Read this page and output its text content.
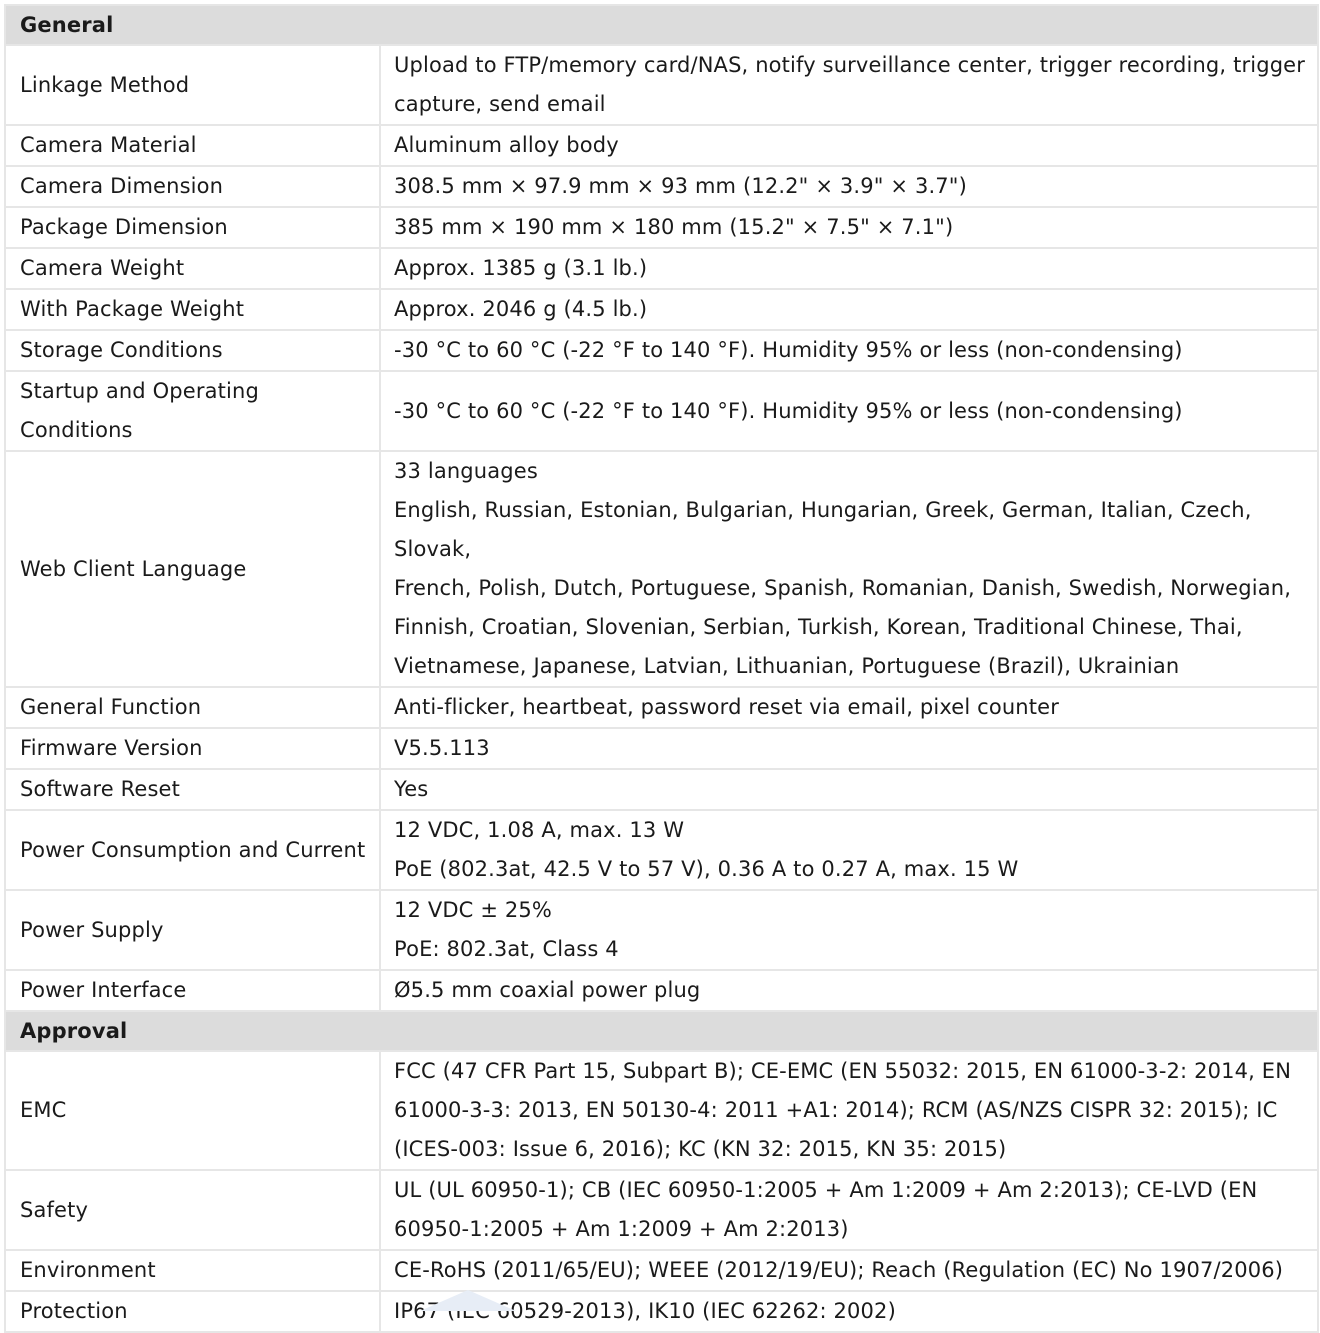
General	
Linkage Method	Upload to FTP/memory card/NAS, notify surveillance center, trigger recording, trigger
capture, send email

Camera Material	Aluminum alloy body

Camera Dimension	308.5 mm × 97.9 mm × 93 mm (12.2" × 3.9" × 3.7")

Package Dimension	385 mm × 190 mm × 180 mm (15.2" × 7.5" × 7.1")

Camera Weight	Approx. 1385 g (3.1 lb.)

With Package Weight	Approx. 2046 g (4.5 lb.)

Storage Conditions	-30 °C to 60 °C (-22 °F to 140 °F). Humidity 95% or less (non-condensing)

Startup and Operating
Conditions	-30 °C to 60 °C (-22 °F to 140 °F). Humidity 95% or less (non-condensing)

Web Client Language	33 languages
English, Russian, Estonian, Bulgarian, Hungarian, Greek, German, Italian, Czech, Slovak,
French, Polish, Dutch, Portuguese, Spanish, Romanian, Danish, Swedish, Norwegian,
Finnish, Croatian, Slovenian, Serbian, Turkish, Korean, Traditional Chinese, Thai,
Vietnamese, Japanese, Latvian, Lithuanian, Portuguese (Brazil), Ukrainian

General Function	Anti-flicker, heartbeat, password reset via email, pixel counter

Firmware Version	V5.5.113

Software Reset	Yes

Power Consumption and Current	12 VDC, 1.08 A, max. 13 W
PoE (802.3at, 42.5 V to 57 V), 0.36 A to 0.27 A, max. 15 W

Power Supply	12 VDC ± 25%
PoE: 802.3at, Class 4

Power Interface	Ø5.5 mm coaxial power plug

Approval	
EMC	FCC (47 CFR Part 15, Subpart B); CE-EMC (EN 55032: 2015, EN 61000-3-2: 2014, EN
61000-3-3: 2013, EN 50130-4: 2011 +A1: 2014); RCM (AS/NZS CISPR 32: 2015); IC
(ICES-003: Issue 6, 2016); KC (KN 32: 2015, KN 35: 2015)

Safety	UL (UL 60950-1); CB (IEC 60950-1:2005 + Am 1:2009 + Am 2:2013); CE-LVD (EN
60950-1:2005 + Am 1:2009 + Am 2:2013)

Environment	CE-RoHS (2011/65/EU); WEEE (2012/19/EU); Reach (Regulation (EC) No 1907/2006)

Protection	IP67 (IEC 60529-2013), IK10 (IEC 62262: 2002)
